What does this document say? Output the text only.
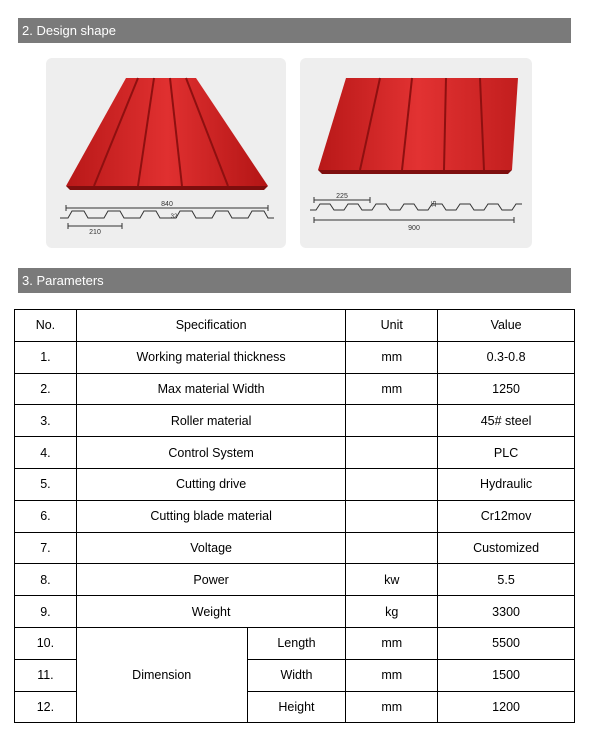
2. Design shape
840
210
32
225
15
900
3. Parameters
No.	Specification		Unit	Value
1.	Working material thickness		mm	0.3-0.8
2.	Max material Width		mm	1250
3.	Roller material			45# steel
4.	Control System			PLC
5.	Cutting drive			Hydraulic
6.	Cutting blade material			Cr12mov
7.	Voltage			Customized
8.	Power		kw	5.5
9.	Weight		kg	3300
10.	Dimension	Length	mm	5500
11.		Width	mm	1500
12.		Height	mm	1200
